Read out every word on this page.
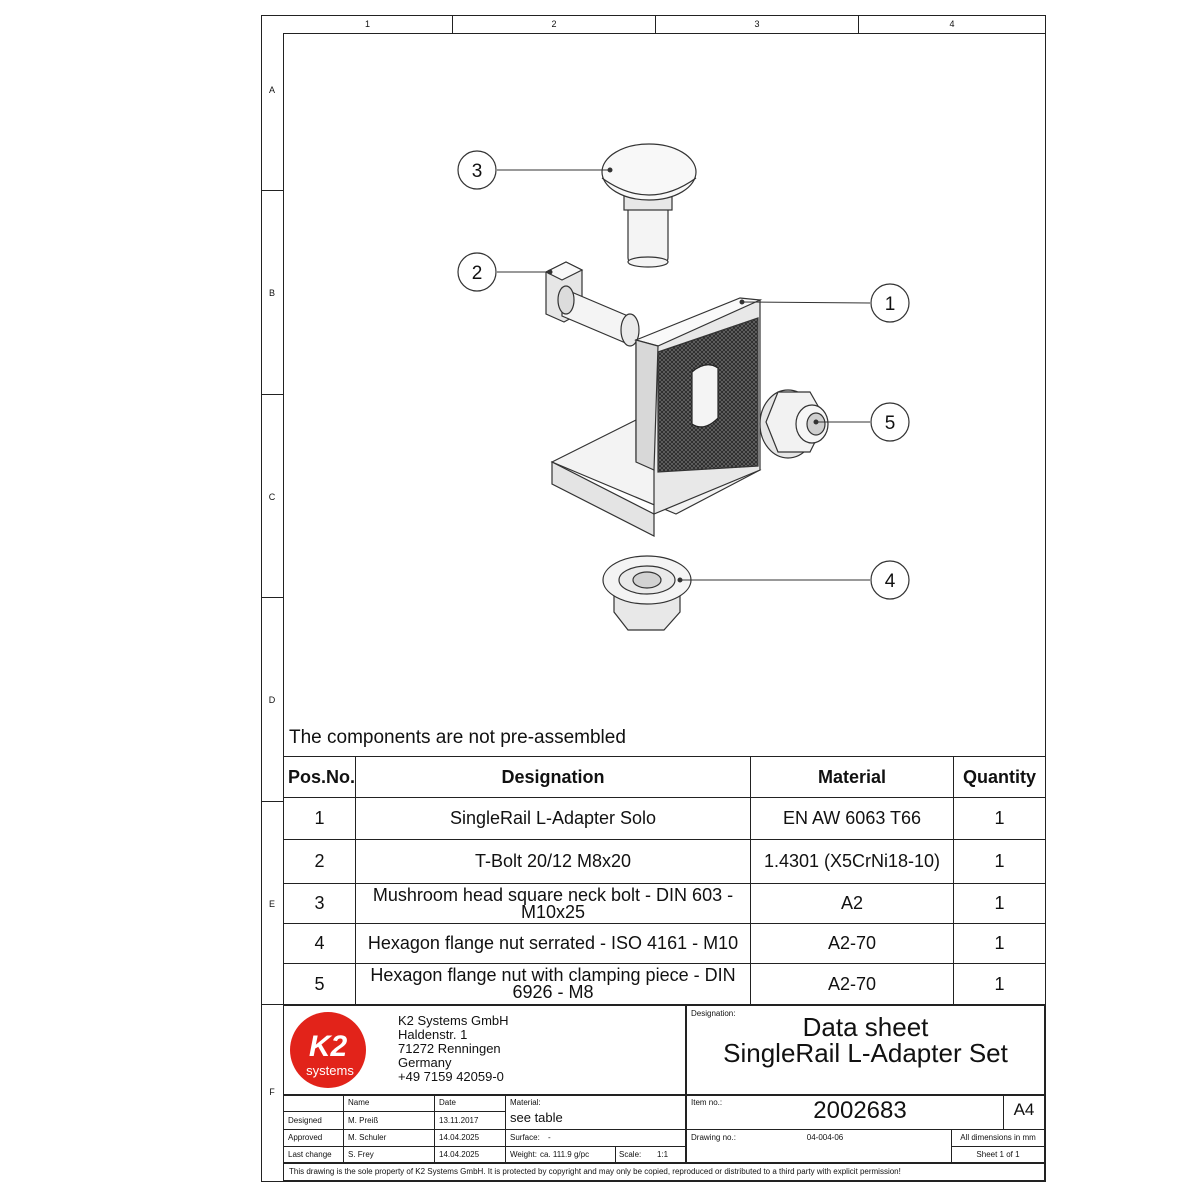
1	2	3	4
A
B
C
D
E
F
3
2
1
5
4
The components are not pre-assembled
Pos.No.	Designation	Material	Quantity
1	SingleRail L-Adapter Solo	EN AW 6063 T66	1
2	T-Bolt 20/12 M8x20	1.4301 (X5CrNi18-10)	1
3	Mushroom head square neck bolt - DIN 603 - M10x25	A2	1
4	Hexagon flange nut serrated - ISO 4161 - M10	A2-70	1
5	Hexagon flange nut with clamping piece - DIN 6926 - M8	A2-70	1
K2
systems
K2 Systems GmbH
Haldenstr. 1
71272 Renningen
Germany
+49 7159 42059-0
Designation:	Data sheet
SingleRail L-Adapter Set
Name	Date	Material:
see table
Designed	M. Preiß	13.11.2017
Approved	M. Schuler	14.04.2025	Surface: -
Last change S. Frey	14.04.2025	Weight: ca. 111.9 g/pc	Scale: 1:1
Item no.:	2002683	A4
Drawing no.:	04-004-06	All dimensions in mm
Sheet 1 of 1
This drawing is the sole property of K2 Systems GmbH. It is protected by copyright and may only be copied, reproduced or distributed to a third party with explicit permission!
